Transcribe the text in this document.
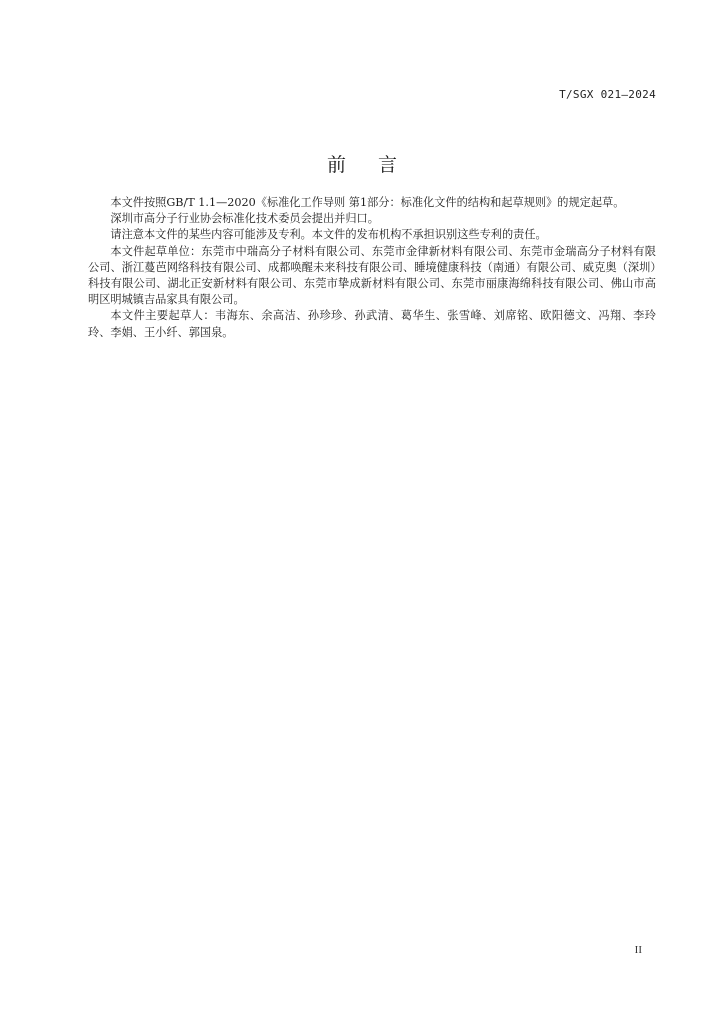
T/SGX 021—2024
前言

本文件按照GB/T 1.1—2020《标准化工作导则 第1部分：标准化文件的结构和起草规则》的规定起草。

深圳市高分子行业协会标准化技术委员会提出并归口。

请注意本文件的某些内容可能涉及专利。本文件的发布机构不承担识别这些专利的责任。

本文件起草单位：东莞市中瑞高分子材料有限公司、东莞市金律新材料有限公司、东莞市金瑞高分子材料有限公司、浙江蔓芭网络科技有限公司、成都唤醒未来科技有限公司、睡境健康科技（南通）有限公司、威克奥（深圳）科技有限公司、湖北正安新材料有限公司、东莞市挚成新材料有限公司、东莞市丽康海绵科技有限公司、佛山市高明区明城镇吉品家具有限公司。

本文件主要起草人：韦海东、余高洁、孙珍珍、孙武清、葛华生、张雪峰、刘席铭、欧阳德文、冯翔、李玲玲、李娟、王小纤、郭国泉。

II
